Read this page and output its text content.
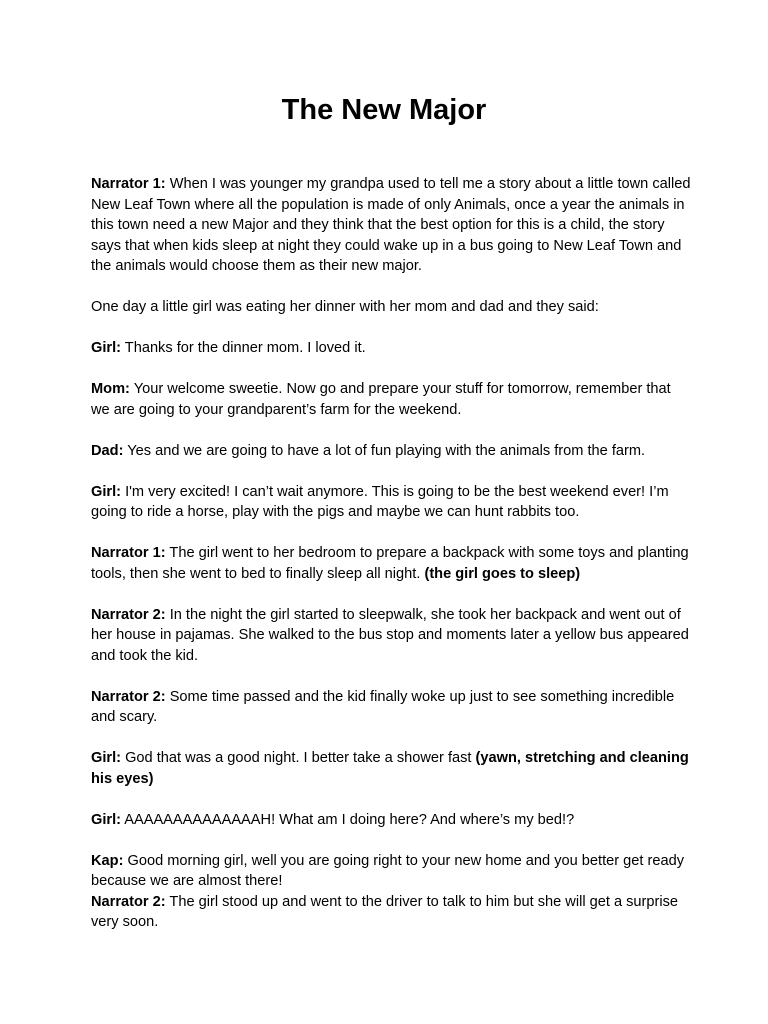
The New Major

Narrator 1: When I was younger my grandpa used to tell me a story about a little town called New Leaf Town where all the population is made of only Animals, once a year the animals in this town need a new Major and they think that the best option for this is a child, the story says that when kids sleep at night they could wake up in a bus going to New Leaf Town and the animals would choose them as their new major.

One day a little girl was eating her dinner with her mom and dad and they said:

Girl: Thanks for the dinner mom. I loved it.

Mom: Your welcome sweetie. Now go and prepare your stuff for tomorrow, remember that we are going to your grandparent’s farm for the weekend.

Dad: Yes and we are going to have a lot of fun playing with the animals from the farm.

Girl: I'm very excited! I can’t wait anymore. This is going to be the best weekend ever! I’m going to ride a horse, play with the pigs and maybe we can hunt rabbits too.

Narrator 1: The girl went to her bedroom to prepare a backpack with some toys and planting tools, then she went to bed to finally sleep all night. (the girl goes to sleep)

Narrator 2: In the night the girl started to sleepwalk, she took her backpack and went out of her house in pajamas. She walked to the bus stop and moments later a yellow bus appeared and took the kid.

Narrator 2: Some time passed and the kid finally woke up just to see something incredible and scary.

Girl: God that was a good night. I better take a shower fast (yawn, stretching and cleaning his eyes)

Girl: AAAAAAAAAAAAAAH! What am I doing here? And where’s my bed!?

Kap: Good morning girl, well you are going right to your new home and you better get ready because we are almost there!

Narrator 2: The girl stood up and went to the driver to talk to him but she will get a surprise very soon.
